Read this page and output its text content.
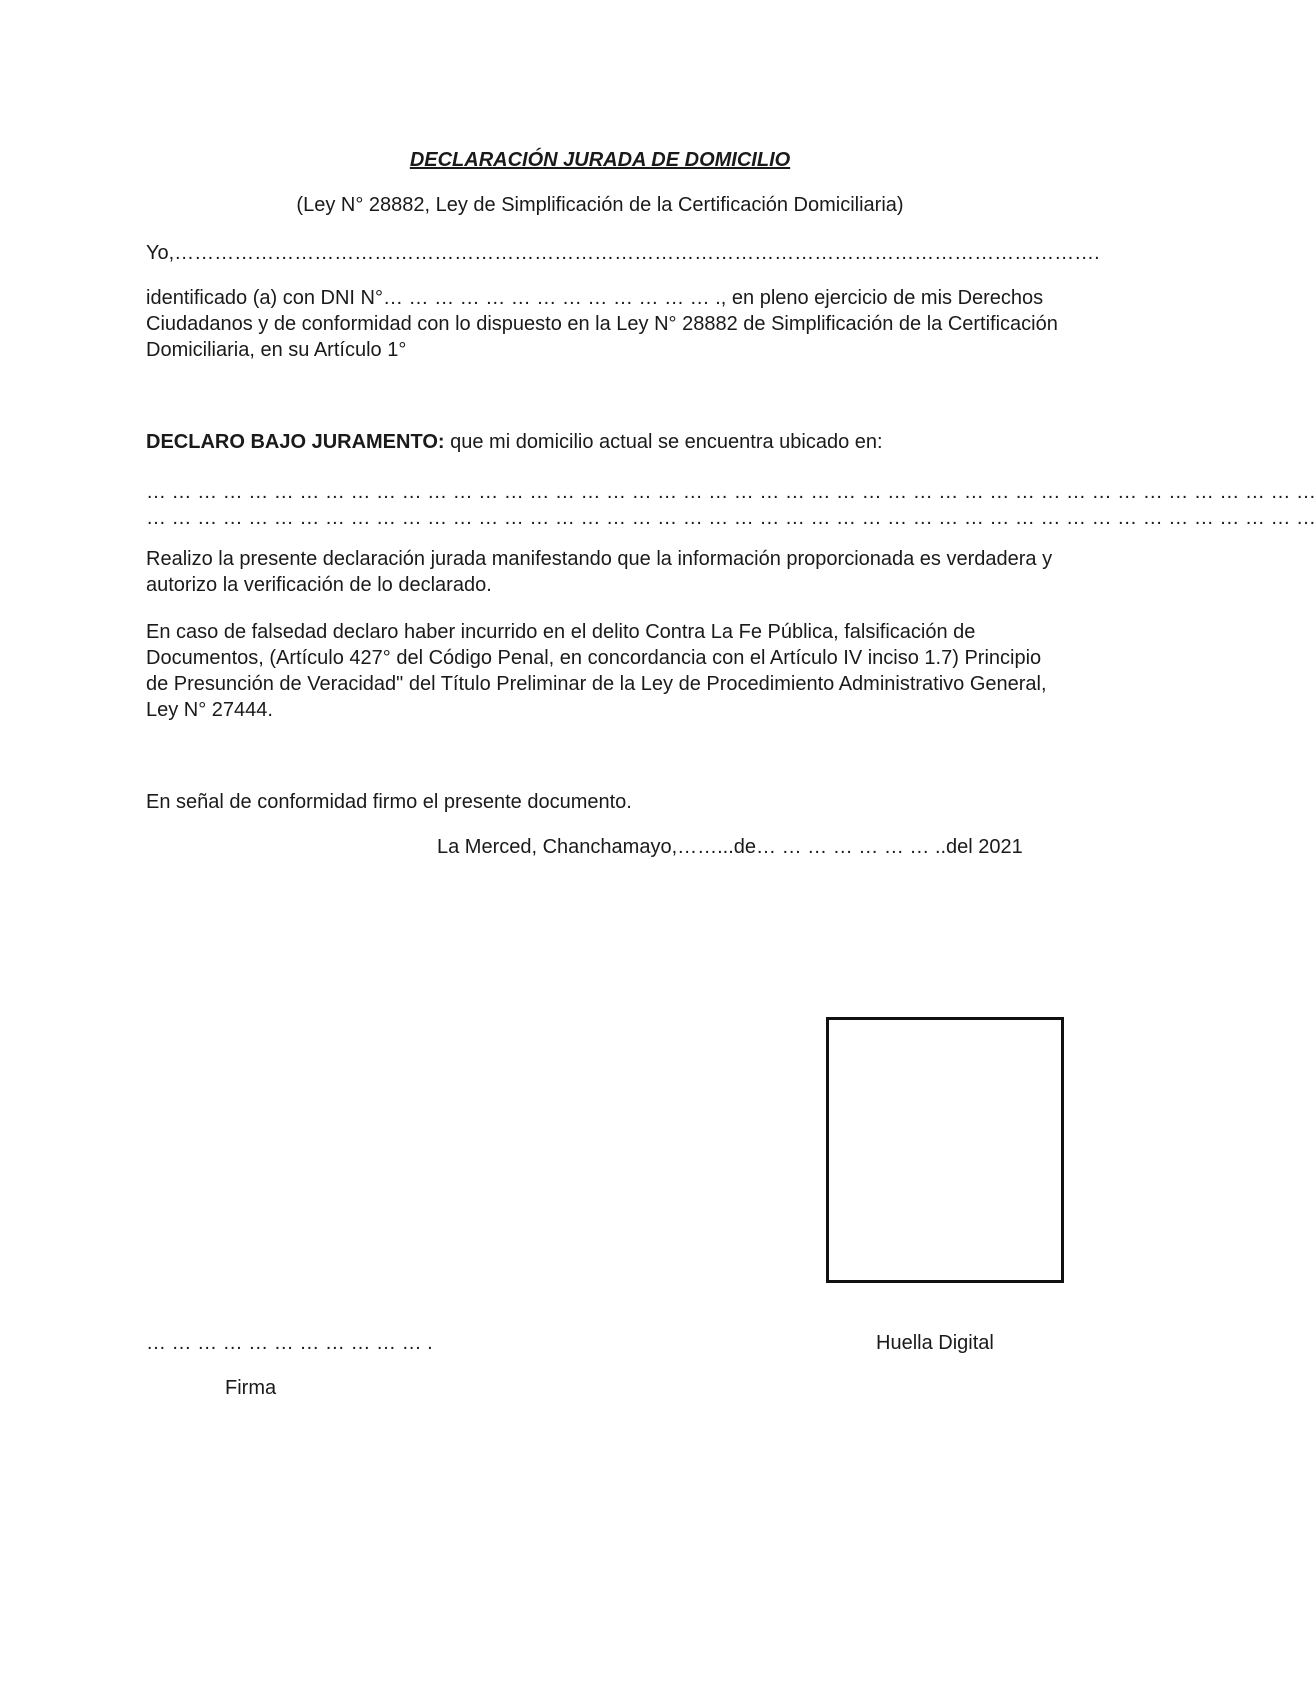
DECLARACIÓN JURADA DE DOMICILIO

(Ley N° 28882, Ley de Simplificación de la Certificación Domiciliaria)

Yo,………………………………………………………………………………………………………………………….

identificado (a) con DNI N°… … … … … … … … … … … … … ., en pleno ejercicio de mis Derechos Ciudadanos y de conformidad con lo dispuesto en la Ley N° 28882 de Simplificación de la Certificación Domiciliaria, en su Artículo 1°

DECLARO BAJO JURAMENTO: que mi domicilio actual se encuentra ubicado en:

… … … … … … … … … … … … … … … … … … … … … … … … … … … … … … … … … … … … … … … … … … … … … …

… … … … … … … … … … … … … … … … … … … … … … … … … … … … … … … … … … … … … … … … … … … … … …

Realizo la presente declaración jurada manifestando que la información proporcionada es verdadera y autorizo la verificación de lo declarado.

En caso de falsedad declaro haber incurrido en el delito Contra La Fe Pública, falsificación de Documentos, (Artículo 427° del Código Penal, en concordancia con el Artículo IV inciso 1.7) Principio de Presunción de Veracidad" del Título Preliminar de la Ley de Procedimiento Administrativo General, Ley N° 27444.

En señal de conformidad firmo el presente documento.

La Merced, Chanchamayo,……...de… … … … … … … ..del 2021

… … … … … … … … … … … .	Huella Digital

Firma
